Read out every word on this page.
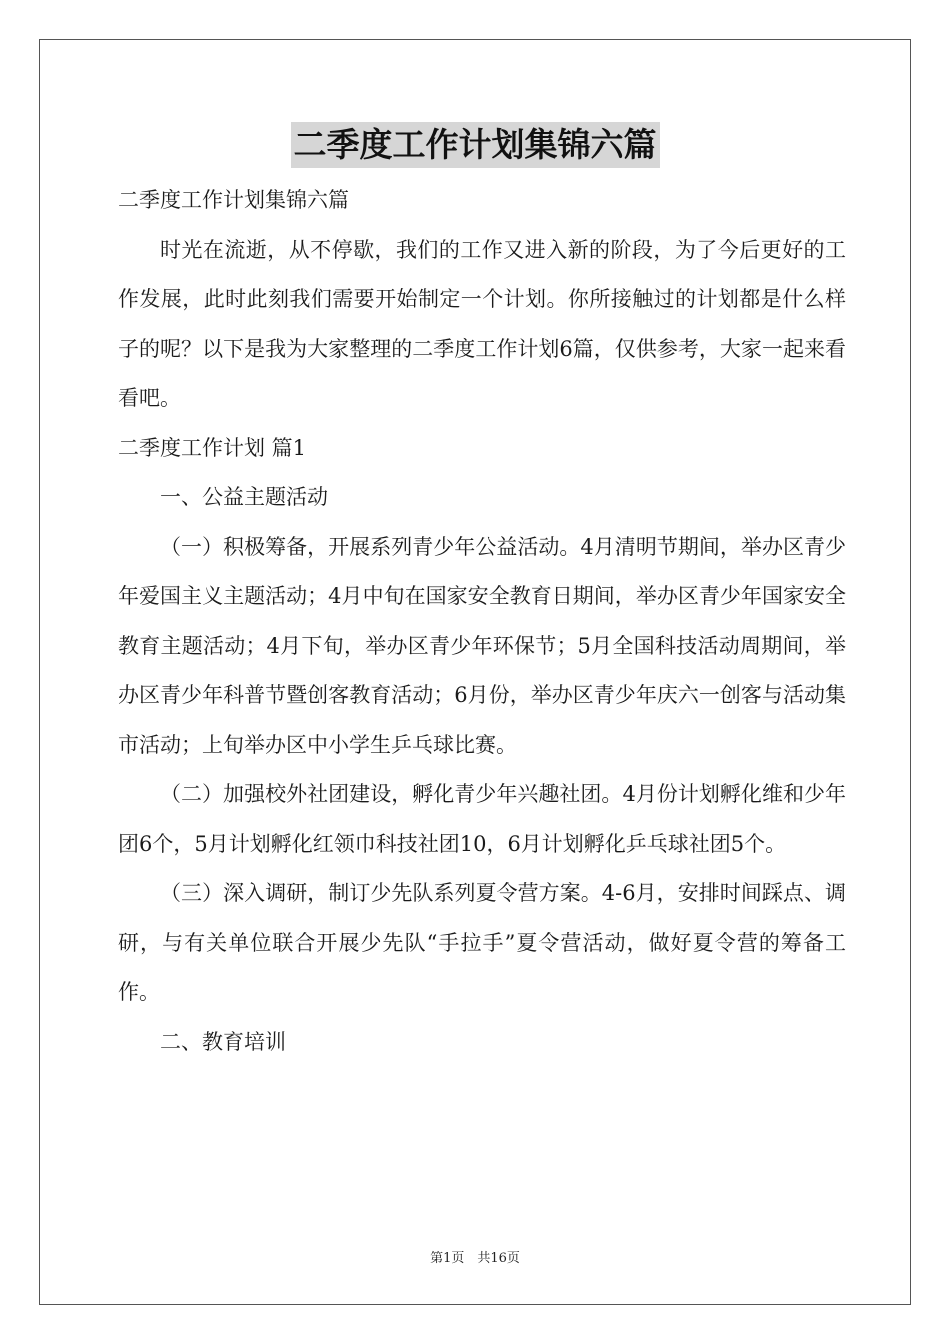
二季度工作计划集锦六篇
二季度工作计划集锦六篇

时光在流逝，从不停歇，我们的工作又进入新的阶段，为了今后更好的工作发展，此时此刻我们需要开始制定一个计划。你所接触过的计划都是什么样子的呢？以下是我为大家整理的二季度工作计划6篇，仅供参考，大家一起来看看吧。

二季度工作计划 篇1
一、公益主题活动

（一）积极筹备，开展系列青少年公益活动。4月清明节期间，举办区青少年爱国主义主题活动；4月中旬在国家安全教育日期间，举办区青少年国家安全教育主题活动；4月下旬，举办区青少年环保节；5月全国科技活动周期间，举办区青少年科普节暨创客教育活动；6月份，举办区青少年庆六一创客与活动集市活动；上旬举办区中小学生乒乓球比赛。

（二）加强校外社团建设，孵化青少年兴趣社团。4月份计划孵化维和少年团6个，5月计划孵化红领巾科技社团10，6月计划孵化乒乓球社团5个。

（三）深入调研，制订少先队系列夏令营方案。4-6月，安排时间踩点、调研，与有关单位联合开展少先队“手拉手”夏令营活动，做好夏令营的筹备工作。

二、教育培训
第1页　共16页
